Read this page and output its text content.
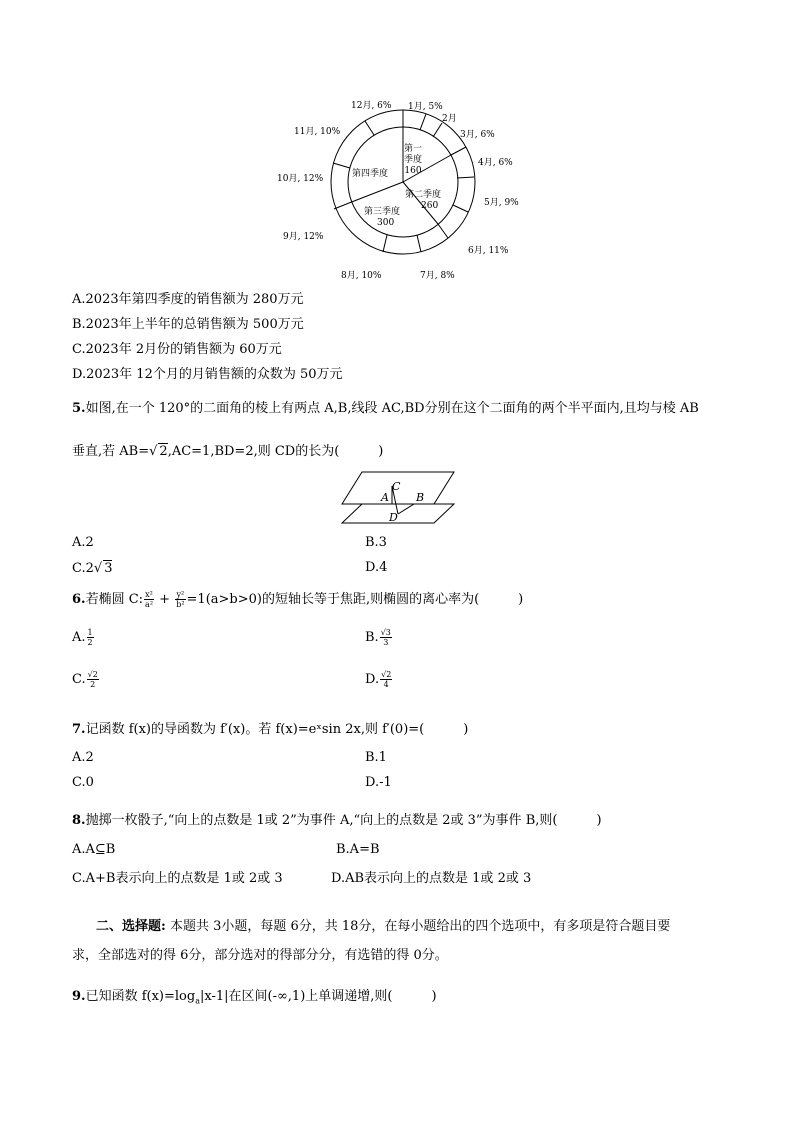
第一季度
160
第二季度
260
第三季度
300
第四季度
1月, 5%
2月
3月, 6%
4月, 6%
5月, 9%
6月, 11%
7月, 8%
8月, 10%
9月, 12%
10月, 12%
11月, 10%
12月, 6%
A.2023年第四季度的销售额为 280万元
B.2023年上半年的总销售额为 500万元
C.2023年 2月份的销售额为 60万元
D.2023年 12个月的月销售额的众数为 50万元
5.如图,在一个 120°的二面角的棱上有两点 A,B,线段 AC,BD分别在这个二面角的两个半平面内,且均与棱 AB
垂直,若 AB=√ 2,AC=1,BD=2,则 CD的长为(　　　)
C
A B
D
A.2	B.3
C.2√ 3	D.4
6.若椭圆 C: $\frac{\text{x²}}{\text{a²}} + \frac{\text{y²}}{\text{b²}} =1(a>b>0)$的短轴长等于焦距,则椭圆的离心率为(　　　)
A. $\frac{1}{2}$	B. $\frac{√3}{3}$
C. $\frac{√2}{2}$	D. $\frac{√2}{4}$
7.记函数 f(x)的导函数为 f′(x)。若 f(x)=eˣsin 2x,则 f′(0)=(　　　)
A.2	B.1
C.0	D.-1
8.抛掷一枚骰子,“向上的点数是 1或 2”为事件 A,“向上的点数是 2或 3”为事件 B,则(　　　)
A.A⊆B	B.A=B
C.A+B表示向上的点数是 1或 2或 3	D.AB表示向上的点数是 1或 2或 3
二、选择题: 本题共 3小题，每题 6分，共 18分，在每小题给出的四个选项中，有多项是符合题目要
求，全部选对的得 6分，部分选对的得部分分，有选错的得 0分。
9.已知函数 $f(x)=\log_a|x-1|$在区间(-∞,1)上单调递增,则(　　　)
